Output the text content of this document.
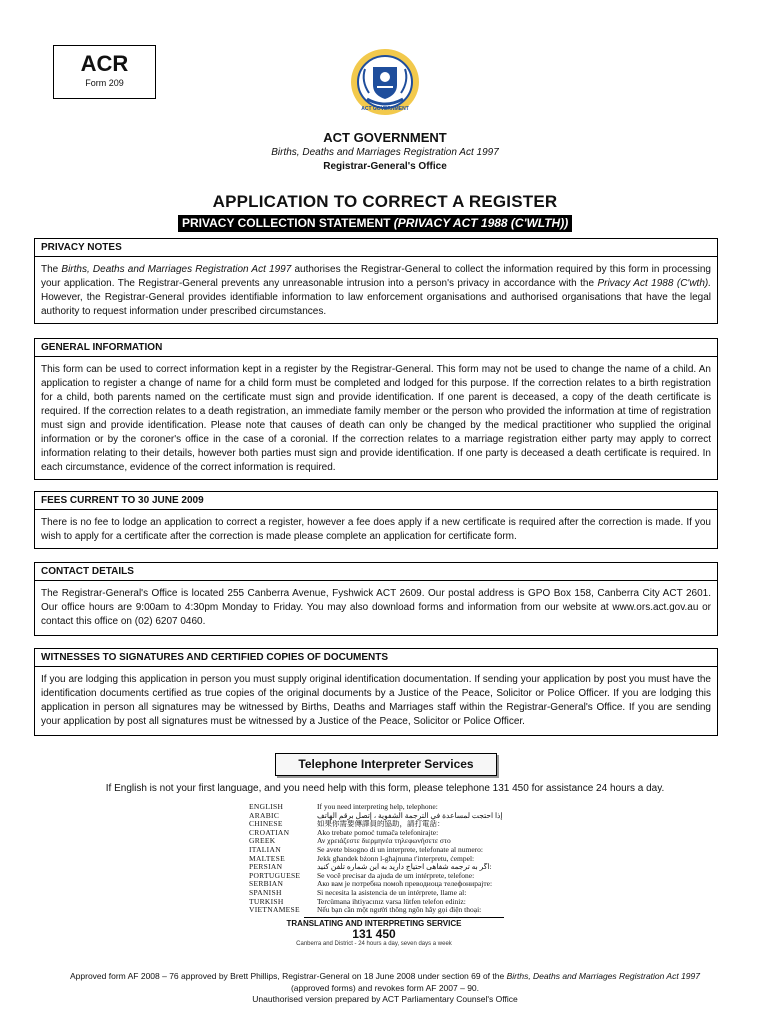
ACR
Form 209
ACT GOVERNMENT
ACT GOVERNMENT
Births, Deaths and Marriages Registration Act 1997
Registrar-General's Office
APPLICATION TO CORRECT A REGISTER
PRIVACY COLLECTION STATEMENT (PRIVACY ACT 1988 (C'WLTH))
PRIVACY NOTES
The Births, Deaths and Marriages Registration Act 1997 authorises the Registrar-General to collect the information required by this form in processing your application. The Registrar-General prevents any unreasonable intrusion into a person's privacy in accordance with the Privacy Act 1988 (C'wth). However, the Registrar-General provides identifiable information to law enforcement organisations and authorised organisations that have the legal authority to request information under prescribed circumstances.
GENERAL INFORMATION
This form can be used to correct information kept in a register by the Registrar-General. This form may not be used to change the name of a child. An application to register a change of name for a child form must be completed and lodged for this purpose. If the correction relates to a birth registration for a child, both parents named on the certificate must sign and provide identification. If one parent is deceased, a copy of the death certificate is required. If the correction relates to a death registration, an immediate family member or the person who provided the information at time of registration must sign and provide identification. Please note that causes of death can only be changed by the medical practitioner who supplied the original information or by the coroner's office in the case of a coronial. If the correction relates to a marriage registration either party may apply to correct information relating to their details, however both parties must sign and provide identification. If one party is deceased a death certificate is required. In each circumstance, evidence of the correct information is required.
FEES CURRENT TO 30 JUNE 2009
There is no fee to lodge an application to correct a register, however a fee does apply if a new certificate is required after the correction is made. If you wish to apply for a certificate after the correction is made please complete an application for certificate form.
CONTACT DETAILS
The Registrar-General's Office is located 255 Canberra Avenue, Fyshwick ACT 2609. Our postal address is GPO Box 158, Canberra City ACT 2601. Our office hours are 9:00am to 4:30pm Monday to Friday. You may also download forms and information from our website at www.ors.act.gov.au or contact this office on (02) 6207 0460.
WITNESSES TO SIGNATURES AND CERTIFIED COPIES OF DOCUMENTS
If you are lodging this application in person you must supply original identification documentation. If sending your application by post you must have the identification documents certified as true copies of the original documents by a Justice of the Peace, Solicitor or Police Officer. If you are lodging this application in person all signatures may be witnessed by Births, Deaths and Marriages staff within the Registrar-General's Office. If you are sending your application by post all signatures must be witnessed by a Justice of the Peace, Solicitor or Police Officer.
Telephone Interpreter Services
If English is not your first language, and you need help with this form, please telephone 131 450 for assistance 24 hours a day.
ENGLISH	If you need interpreting help, telephone:
ARABIC	إذا احتجت لمساعدة في الترجمة الشفوية ، إتصل برقم الهاتف
CHINESE	如果你需要傳譯員的協助，請打電話：
CROATIAN	Ako trebate pomoć tumača telefonirajte:
GREEK	Αν χρειάζεστε διερμηνέα τηλεφωνήσετε στο
ITALIAN	Se avete bisogno di un interprete, telefonate al numero:
MALTESE	Jekk għandek bżonn l-għajnuna t'interpretu, ċempel:
PERSIAN	اگر به ترجمه شفاهی احتیاج دارید به این شماره تلفن کنید:
PORTUGUESE	Se você precisar da ajuda de um intérprete, telefone:
SERBIAN	Ако вам је потребна помоћ преводиоца телефонирајте:
SPANISH	Si necesita la asistencia de un intérprete, llame al:
TURKISH	Tercümana ihtiyacınız varsa lütfen telefon ediniz:
VIETNAMESE	Nếu bạn cần một người thông ngôn hãy gọi điện thoại:
TRANSLATING AND INTERPRETING SERVICE
131 450
Canberra and District - 24 hours a day, seven days a week
Approved form AF 2008 – 76 approved by Brett Phillips, Registrar-General on 18 June 2008 under section 69 of the Births, Deaths and Marriages Registration Act 1997
(approved forms) and revokes form AF 2007 – 90.
Unauthorised version prepared by ACT Parliamentary Counsel's Office
